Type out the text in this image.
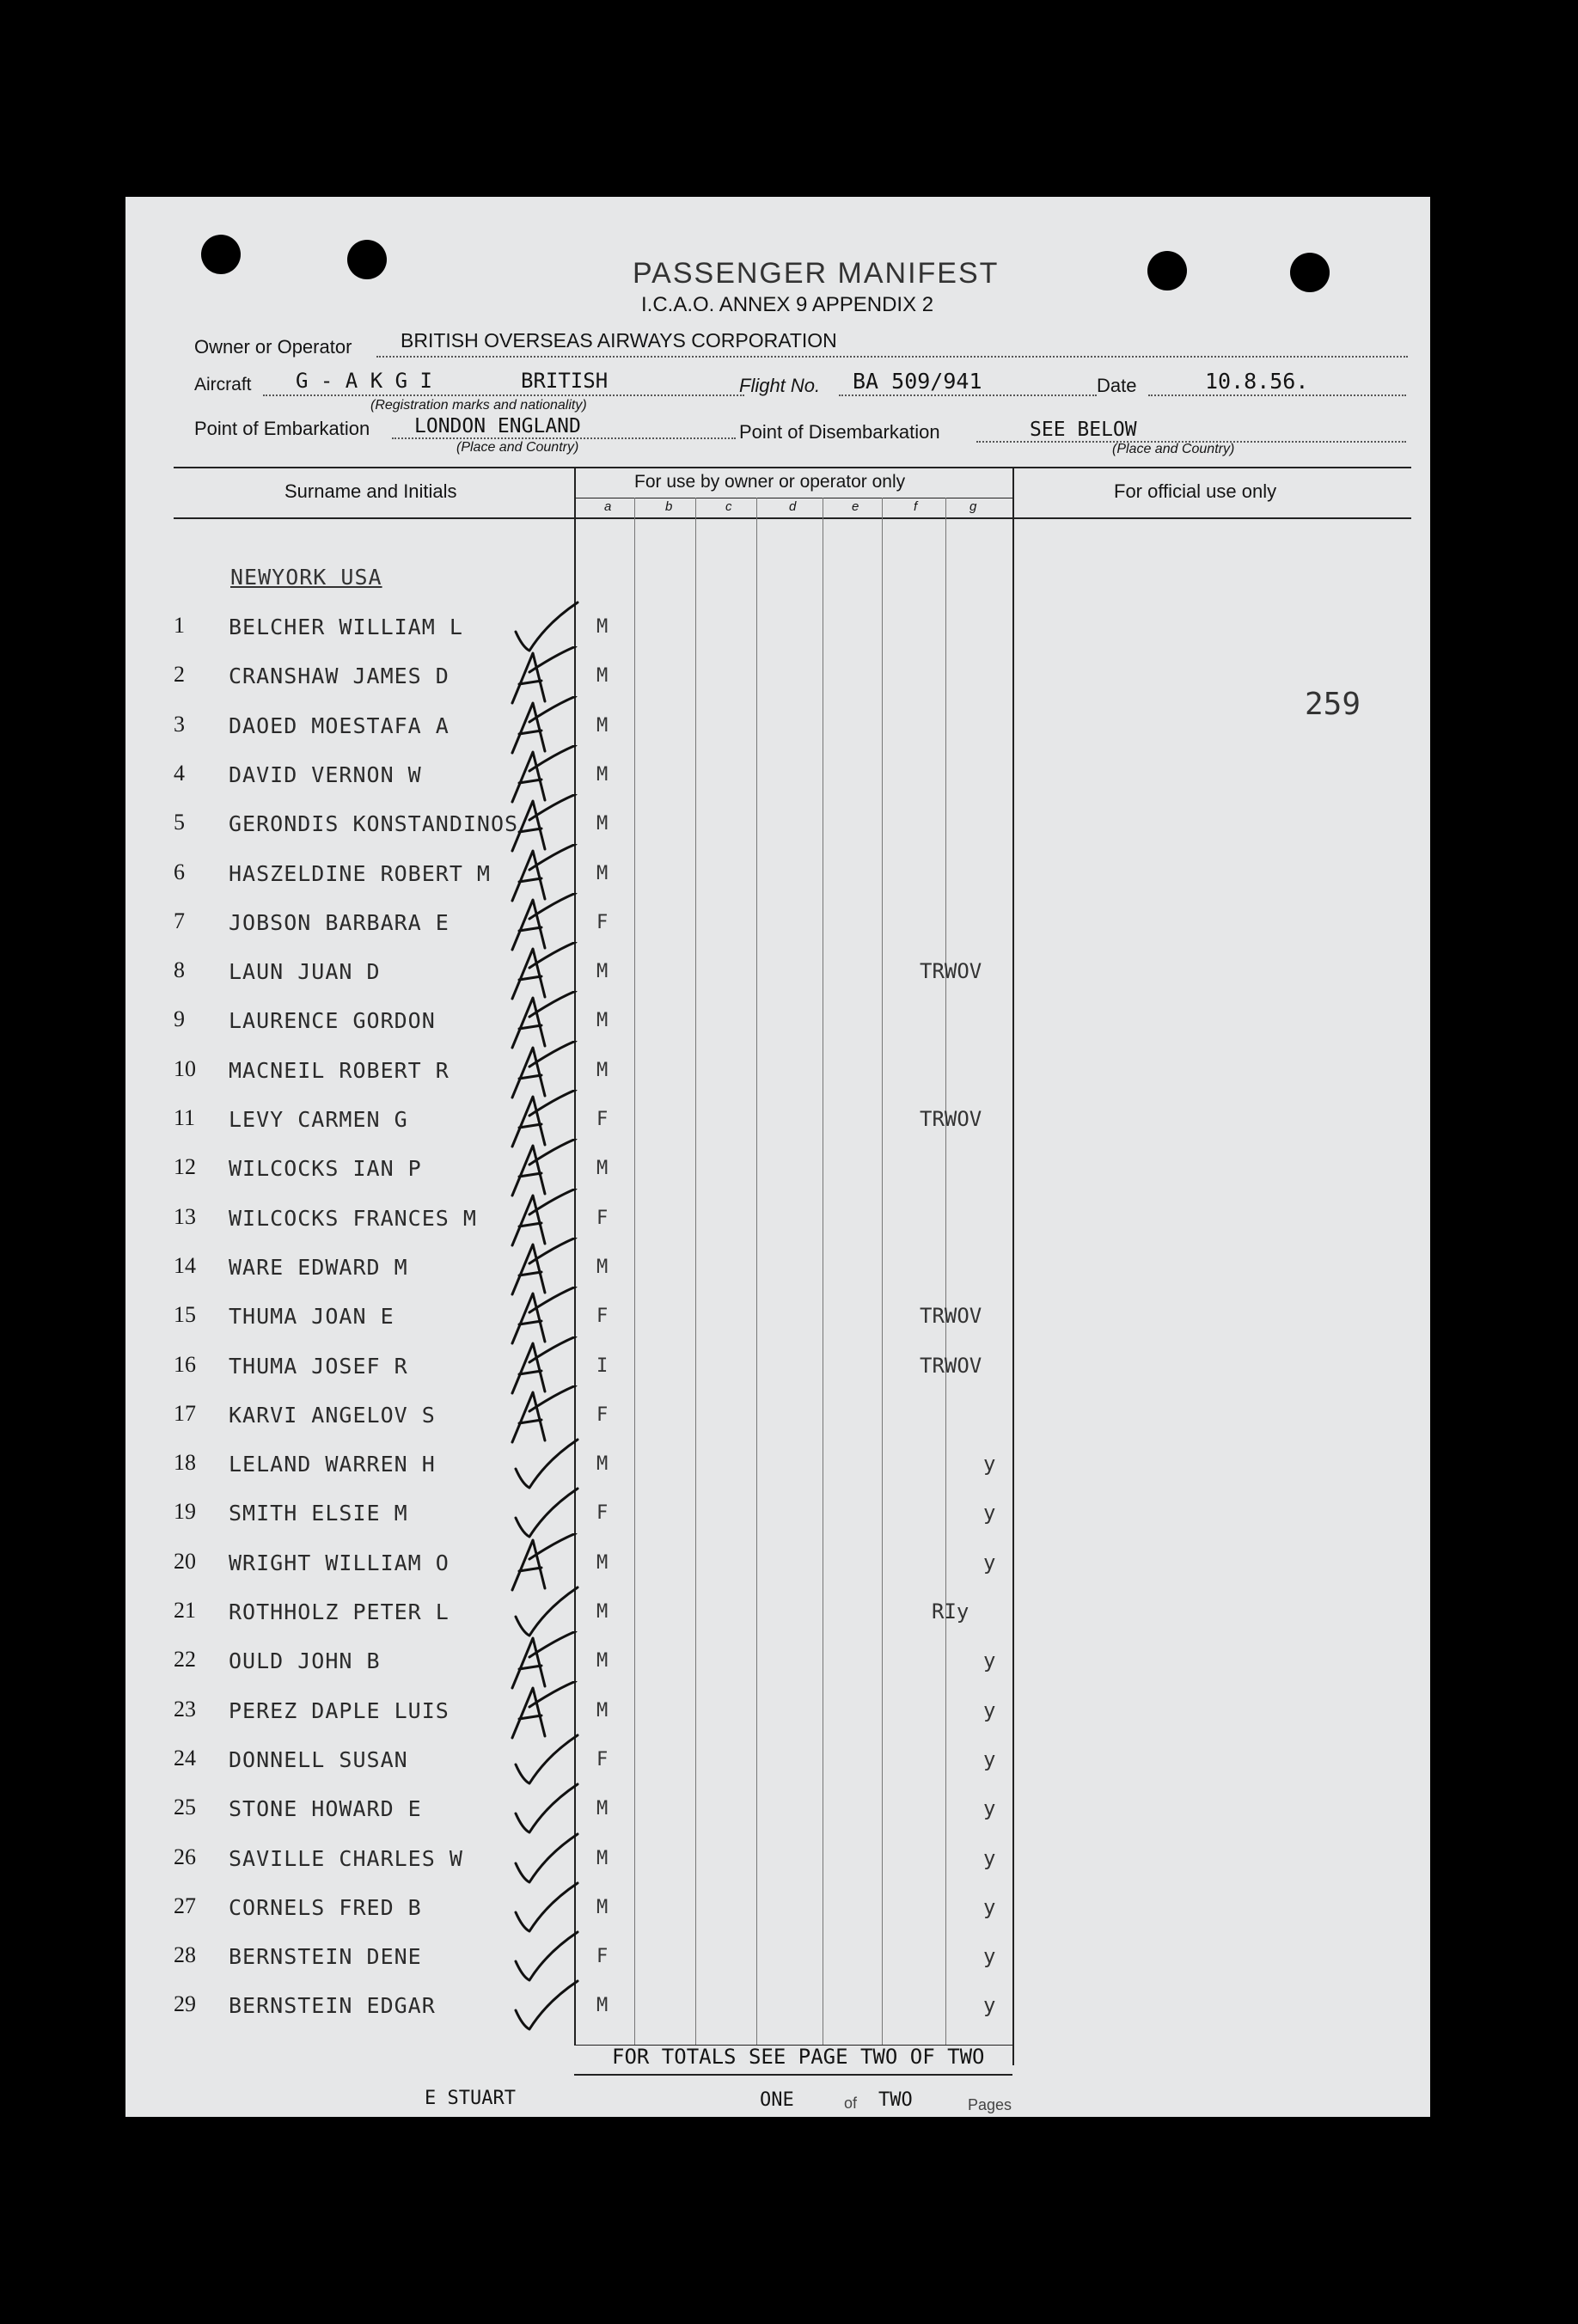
PASSENGER MANIFEST
I.C.A.O. ANNEX 9 APPENDIX 2
Owner or Operator BRITISH OVERSEAS AIRWAYS CORPORATION
Aircraft G - A K G I	BRITISH
(Registration marks and nationality)
Flight No. BA 509/941	Date	10.8.56.
Point of Embarkation LONDON ENGLAND
(Place and Country)
Point of Disembarkation	SEE BELOW
(Place and Country)
Surname and Initials	For use by owner or operator only	For official use only
a	b	c	d	e	f	g
NEWYORK USA
259
1 BELCHER WILLIAM L	M
2 CRANSHAW JAMES D	M
3 DAOED MOESTAFA A	M
4 DAVID VERNON W	M
5 GERONDIS KONSTANDINOS	M
6 HASZELDINE ROBERT M	M
7 JOBSON BARBARA E	F
8 LAUN JUAN D	M	TRWOV
9 LAURENCE GORDON	M
10 MACNEIL ROBERT R	M
11 LEVY CARMEN G	F	TRWOV
12 WILCOCKS IAN P	M
13 WILCOCKS FRANCES M	F
14 WARE EDWARD M	M
15 THUMA JOAN E	F	TRWOV
16 THUMA JOSEF R	I	TRWOV
17 KARVI ANGELOV S	F
18 LELAND WARREN H	M	y
19 SMITH ELSIE M	F	y
20 WRIGHT WILLIAM O	M	y
21 ROTHHOLZ PETER L	M	RIy
22 OULD JOHN B	M	y
23 PEREZ DAPLE LUIS	M	y
24 DONNELL SUSAN	F	y
25 STONE HOWARD E	M	y
26 SAVILLE CHARLES W	M	y
27 CORNELS FRED B	M	y
28 BERNSTEIN DENE	F	y
29 BERNSTEIN EDGAR	M	y
FOR TOTALS SEE PAGE TWO OF TWO
E STUART	ONE	of TWO	Pages
